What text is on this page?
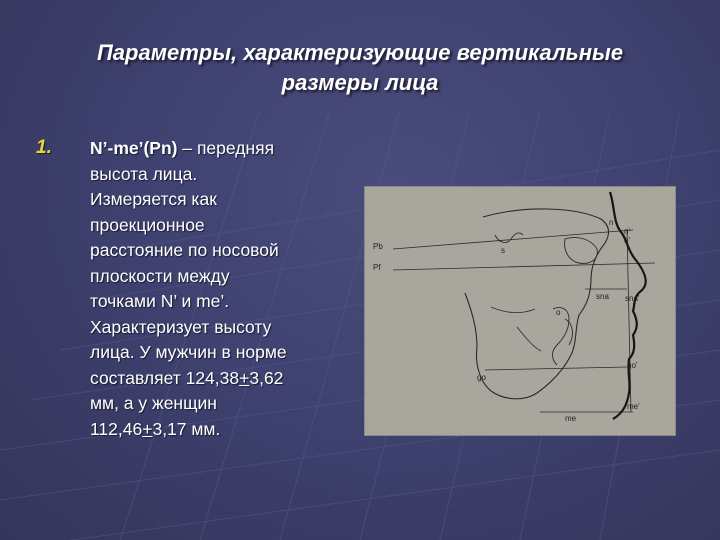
Параметры, характеризующие вертикальные
размеры лица
1. N’-me’(Pn) – передняя
высота лица.
Измеряется как
проекционное
расстояние по носовой
плоскости между
точками N’ и me’.
Характеризует высоту
лица. У мужчин в норме
составляет 124,38+3,62
мм, а у женщин
112,46+3,17 мм.
n
n'
e'
Pb
Pf
s
sna sna'
o
go
go'
me'
me
